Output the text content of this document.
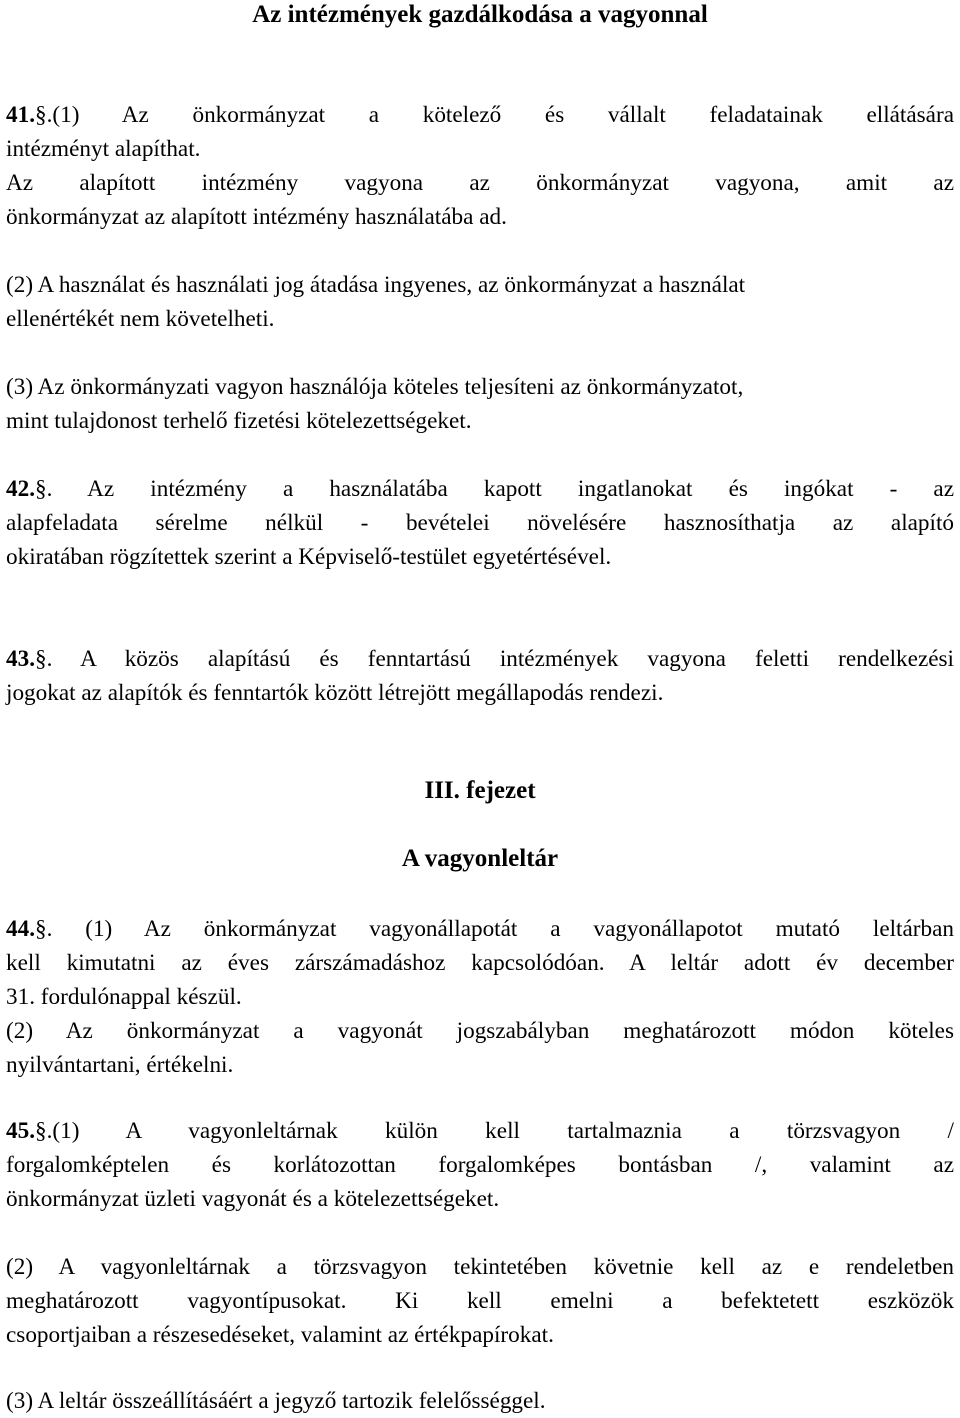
Az intézmények gazdálkodása a vagyonnal
41.§.(1) Az önkormányzat a kötelező és vállalt feladatainak ellátására
intézményt alapíthat.
Az alapított intézmény vagyona az önkormányzat vagyona, amit az
önkormányzat az alapított intézmény használatába ad.
(2) A használat és használati jog átadása ingyenes, az önkormányzat a használat
ellenértékét nem követelheti.
(3) Az önkormányzati vagyon használója köteles teljesíteni az önkormányzatot,
mint tulajdonost terhelő fizetési kötelezettségeket.
42.§. Az intézmény a használatába kapott ingatlanokat és ingókat - az
alapfeladata sérelme nélkül - bevételei növelésére hasznosíthatja az alapító
okiratában rögzítettek szerint a Képviselő-testület egyetértésével.
43.§. A közös alapítású és fenntartású intézmények vagyona feletti rendelkezési
jogokat az alapítók és fenntartók között létrejött megállapodás rendezi.
III. fejezet
A vagyonleltár
44.§. (1) Az önkormányzat vagyonállapotát a vagyonállapotot mutató leltárban
kell kimutatni az éves zárszámadáshoz kapcsolódóan. A leltár adott év december
31. fordulónappal készül.
(2) Az önkormányzat a vagyonát jogszabályban meghatározott módon köteles
nyilvántartani, értékelni.
45.§.(1) A vagyonleltárnak külön kell tartalmaznia a törzsvagyon /
forgalomképtelen és korlátozottan forgalomképes bontásban /, valamint az
önkormányzat üzleti vagyonát és a kötelezettségeket.
(2) A vagyonleltárnak a törzsvagyon tekintetében követnie kell az e rendeletben
meghatározott vagyontípusokat. Ki kell emelni a befektetett eszközök
csoportjaiban a részesedéseket, valamint az értékpapírokat.
(3) A leltár összeállításáért a jegyző tartozik felelősséggel.
